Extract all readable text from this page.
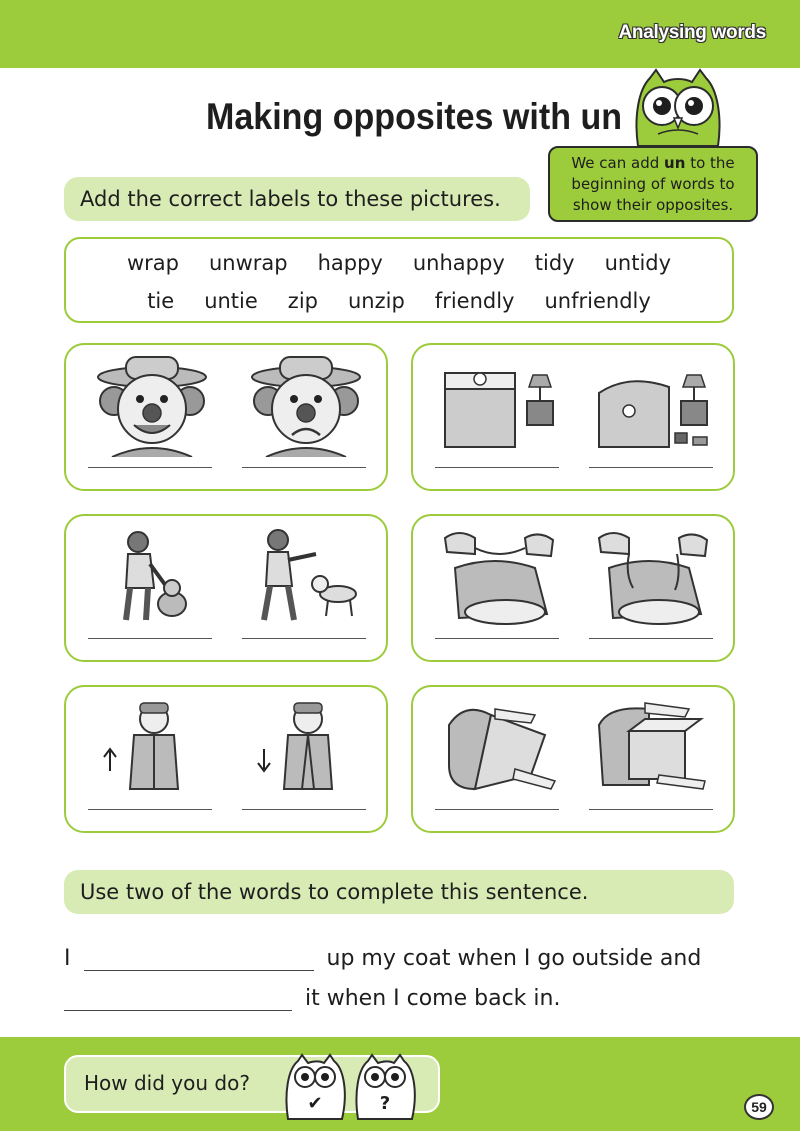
Analysing words
Making opposites with un
We can add un to the beginning of words to show their opposites.
Add the correct labels to these pictures.
wrap unwrap happy unhappy tidy untidy
tie untie zip unzip friendly unfriendly
Use two of the words to complete this sentence.
I	up my coat when I go outside and
it when I come back in.
How did you do?
✔	?	59
